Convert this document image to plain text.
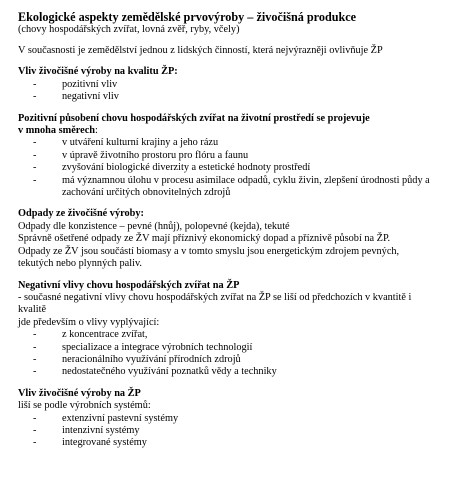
Ekologické aspekty zemědělské prvovýroby – živočišná produkce

(chovy hospodářských zvířat, lovná zvěř, ryby, včely)

V současnosti je zemědělství jednou z lidských činností, která nejvýrazněji ovlivňuje ŽP

Vliv živočišné výroby na kvalitu ŽP:

- pozitivní vliv
- negativní vliv

Pozitivní působení chovu hospodářských zvířat na životní prostředí se projevuje
v mnoha směrech:

- v utváření kulturní krajiny a jeho rázu
- v úpravě životního prostoru pro flóru a faunu
- zvyšování biologické diverzity a estetické hodnoty prostředí
- má významnou úlohu v procesu asimilace odpadů, cyklu živin, zlepšení úrodnosti půdy a zachování určitých obnovitelných zdrojů

Odpady ze živočišné výroby:

Odpady dle konzistence – pevné (hnůj), polopevné (kejda), tekuté

Správně ošetřené odpady ze ŽV mají příznivý ekonomický dopad a příznivě působí na ŽP.

Odpady ze ŽV jsou součástí biomasy a v tomto smyslu jsou energetickým zdrojem pevných, tekutých nebo plynných paliv.

Negativní vlivy chovu hospodářských zvířat na ŽP

- současné negativní vlivy chovu hospodářských zvířat na ŽP se liší od předchozích v kvantitě i kvalitě

jde především o vlivy vyplývající:

- z koncentrace zvířat,
- specializace a integrace výrobních technologií
- neracionálního využívání přírodních zdrojů
- nedostatečného využívání poznatků vědy a techniky

Vliv živočišné výroby na ŽP

liší se podle výrobních systémů:

- extenzivní pastevní systémy
- intenzivní systémy
- integrované systémy
